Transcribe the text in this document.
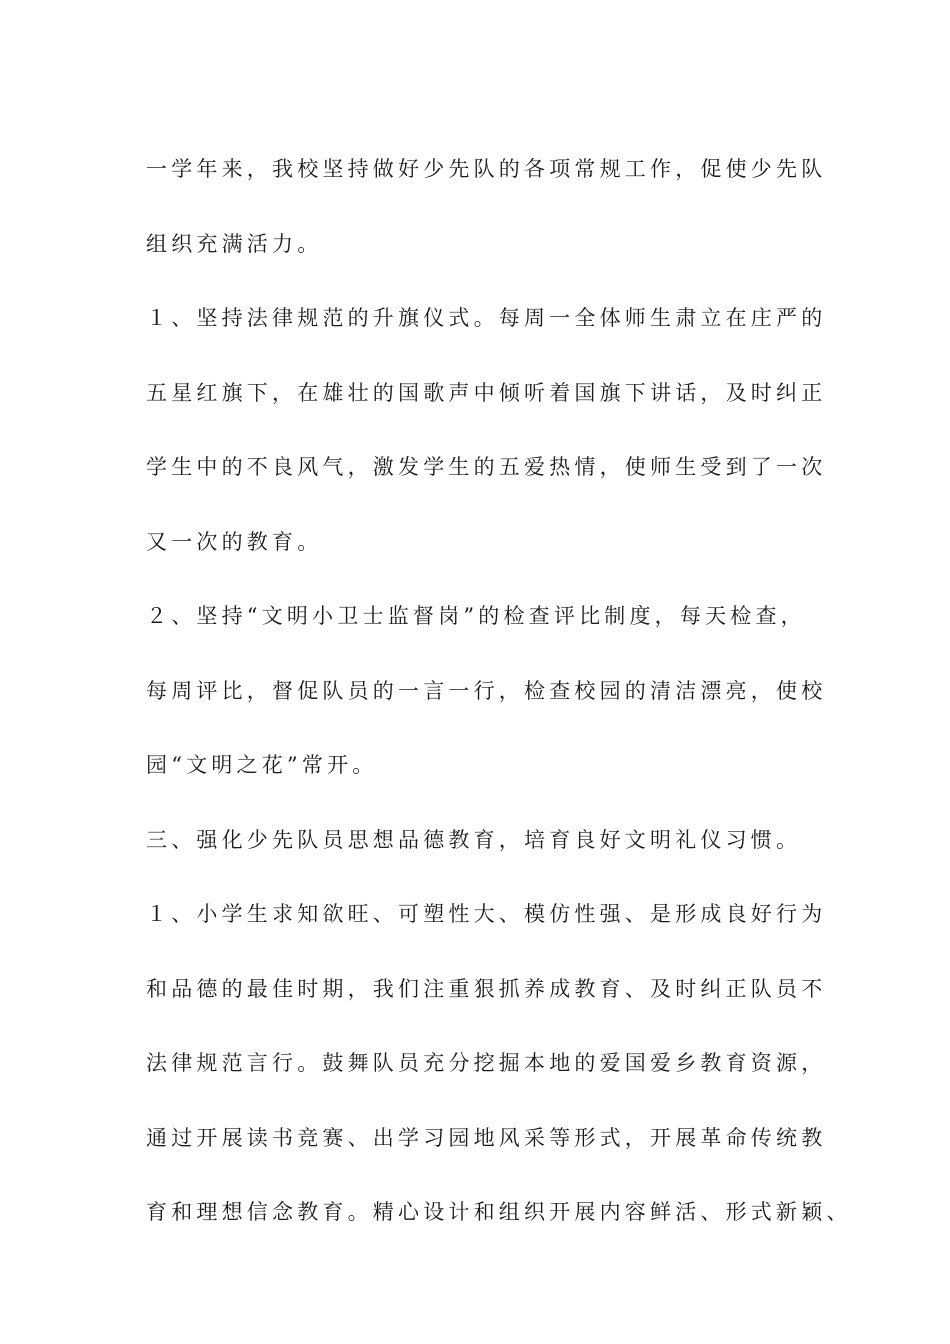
一学年来，我校坚持做好少先队的各项常规工作，促使少先队
组织充满活力。
１、坚持法律规范的升旗仪式。每周一全体师生肃立在庄严的
五星红旗下，在雄壮的国歌声中倾听着国旗下讲话，及时纠正
学生中的不良风气，激发学生的五爱热情，使师生受到了一次
又一次的教育。
２、坚持“文明小卫士监督岗”的检查评比制度，每天检查，
每周评比，督促队员的一言一行，检查校园的清洁漂亮，使校
园“文明之花”常开。
三、强化少先队员思想品德教育，培育良好文明礼仪习惯。
１、小学生求知欲旺、可塑性大、模仿性强、是形成良好行为
和品德的最佳时期，我们注重狠抓养成教育、及时纠正队员不
法律规范言行。鼓舞队员充分挖掘本地的爱国爱乡教育资源，
通过开展读书竞赛、出学习园地风采等形式，开展革命传统教
育和理想信念教育。精心设计和组织开展内容鲜活、形式新颖、
